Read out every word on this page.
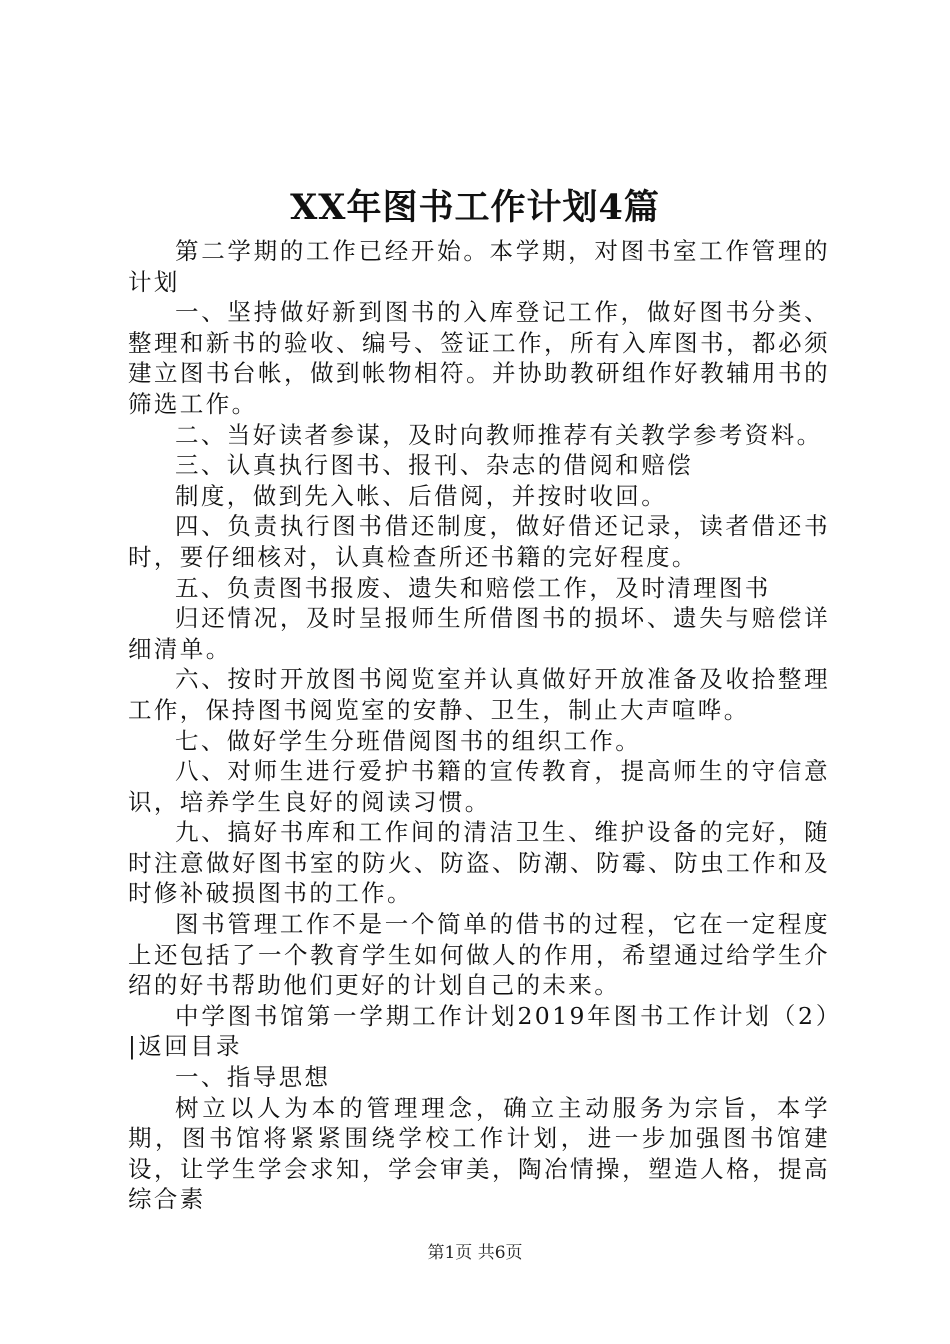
XX年图书工作计划4篇

第二学期的工作已经开始。本学期，对图书室工作管理的计划

一、坚持做好新到图书的入库登记工作，做好图书分类、整理和新书的验收、编号、签证工作，所有入库图书，都必须建立图书台帐，做到帐物相符。并协助教研组作好教辅用书的筛选工作。

二、当好读者参谋，及时向教师推荐有关教学参考资料。

三、认真执行图书、报刊、杂志的借阅和赔偿

制度，做到先入帐、后借阅，并按时收回。

四、负责执行图书借还制度，做好借还记录，读者借还书时，要仔细核对，认真检查所还书籍的完好程度。

五、负责图书报废、遗失和赔偿工作，及时清理图书

归还情况，及时呈报师生所借图书的损坏、遗失与赔偿详细清单。

六、按时开放图书阅览室并认真做好开放准备及收拾整理工作，保持图书阅览室的安静、卫生，制止大声喧哗。

七、做好学生分班借阅图书的组织工作。

八、对师生进行爱护书籍的宣传教育，提高师生的守信意识，培养学生良好的阅读习惯。

九、搞好书库和工作间的清洁卫生、维护设备的完好，随时注意做好图书室的防火、防盗、防潮、防霉、防虫工作和及时修补破损图书的工作。

图书管理工作不是一个简单的借书的过程，它在一定程度上还包括了一个教育学生如何做人的作用，希望通过给学生介绍的好书帮助他们更好的计划自己的未来。

中学图书馆第一学期工作计划2019年图书工作计划（2）|返回目录

一、指导思想

树立以人为本的管理理念，确立主动服务为宗旨，本学期，图书馆将紧紧围绕学校工作计划，进一步加强图书馆建设，让学生学会求知，学会审美，陶冶情操，塑造人格，提高综合素

第1页 共6页
